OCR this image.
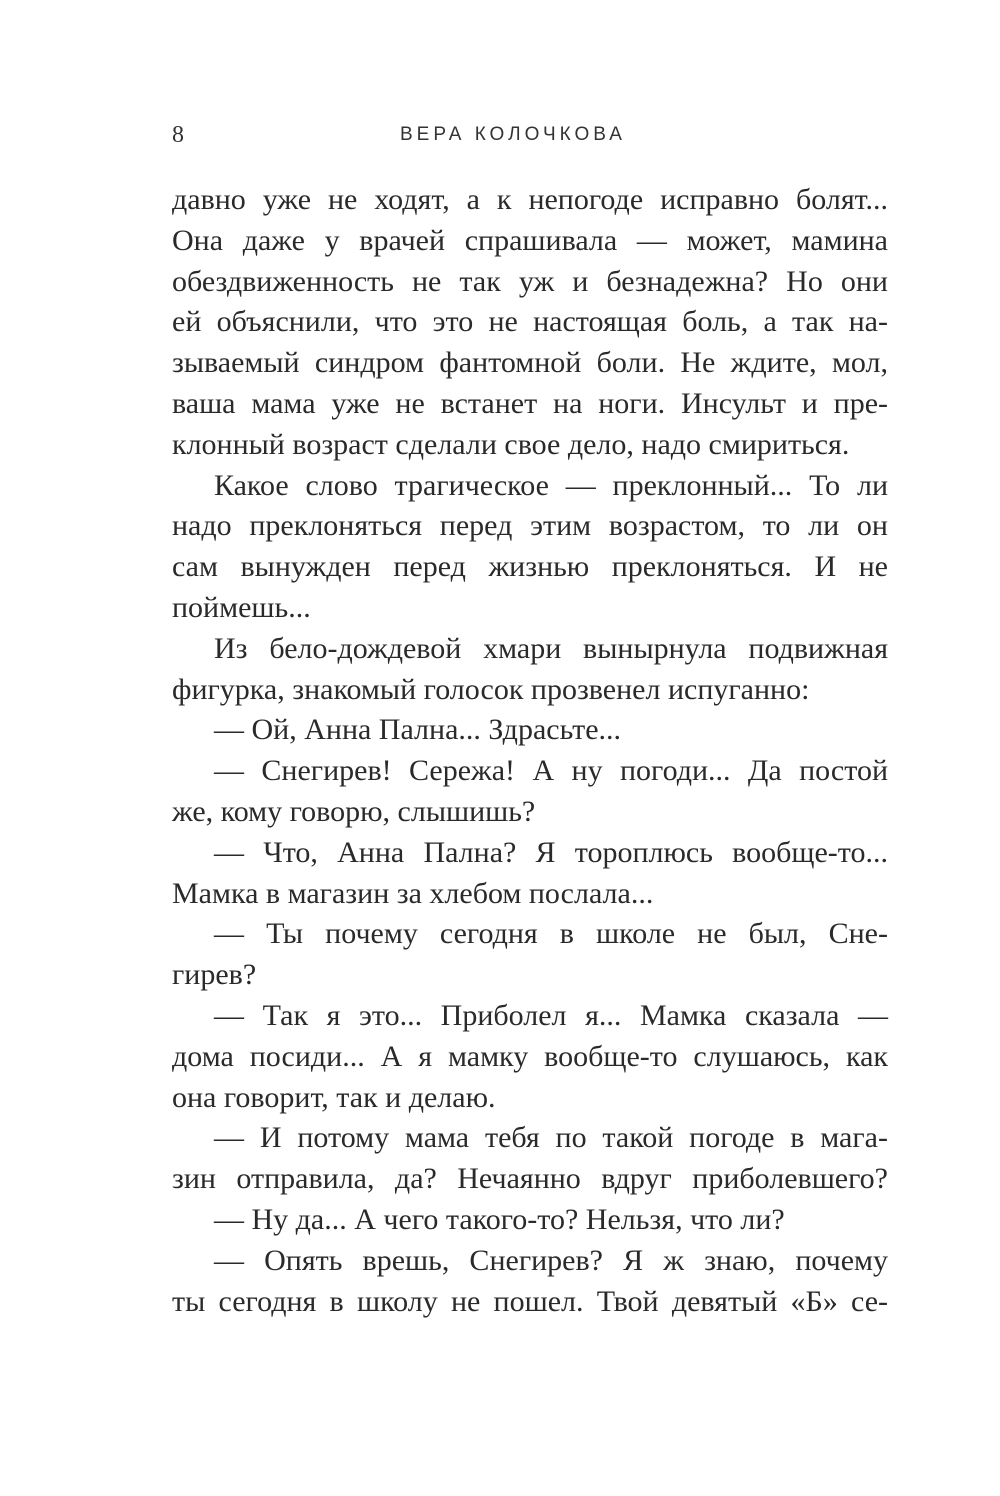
8	ВЕРА КОЛОЧКОВА

давно уже не ходят, а к непогоде исправно болят...

Она даже у врачей спрашивала — может, мамина

обездвиженность не так уж и безнадежна? Но они

ей объяснили, что это не настоящая боль, а так на-

зываемый синдром фантомной боли. Не ждите, мол,

ваша мама уже не встанет на ноги. Инсульт и пре-

клонный возраст сделали свое дело, надо смириться.

Какое слово трагическое — преклонный... То ли

надо преклоняться перед этим возрастом, то ли он

сам вынужден перед жизнью преклоняться. И не

поймешь...

Из бело-дождевой хмари вынырнула подвижная

фигурка, знакомый голосок прозвенел испуганно:

— Ой, Анна Пална... Здрасьте...

— Снегирев! Сережа! А ну погоди... Да постой

же, кому говорю, слышишь?

— Что, Анна Пална? Я тороплюсь вообще-то...

Мамка в магазин за хлебом послала...

— Ты почему сегодня в школе не был, Сне-

гирев?

— Так я это... Приболел я... Мамка сказала —

дома посиди... А я мамку вообще-то слушаюсь, как

она говорит, так и делаю.

— И потому мама тебя по такой погоде в мага-

зин отправила, да? Нечаянно вдруг приболевшего?

— Ну да... А чего такого-то? Нельзя, что ли?

— Опять врешь, Снегирев? Я ж знаю, почему

ты сегодня в школу не пошел. Твой девятый «Б» се-
